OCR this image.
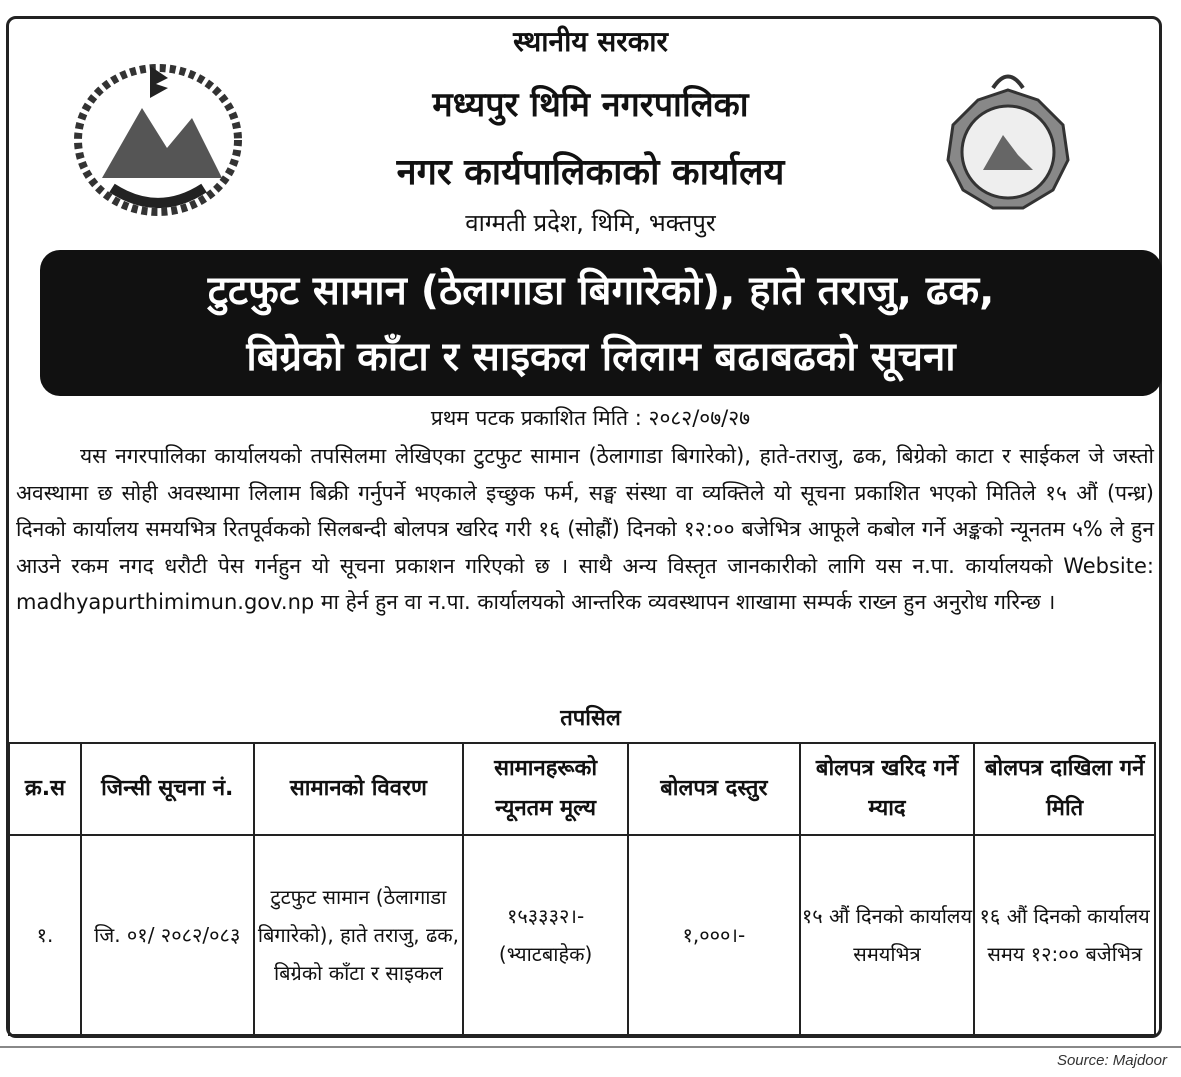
स्थानीय सरकार
मध्यपुर थिमि नगरपालिका
नगर कार्यपालिकाको कार्यालय
वाग्मती प्रदेश, थिमि, भक्तपुर
टुटफुट सामान (ठेलागाडा बिगारेको), हाते तराजु, ढक,
बिग्रेको काँटा र साइकल लिलाम बढाबढको सूचना
प्रथम पटक प्रकाशित मिति : २०८२/०७/२७

यस नगरपालिका कार्यालयको तपसिलमा लेखिएका टुटफुट सामान (ठेलागाडा बिगारेको), हाते-तराजु, ढक, बिग्रेको काटा र साईकल जे जस्तो अवस्थामा छ सोही अवस्थामा लिलाम बिक्री गर्नुपर्ने भएकाले इच्छुक फर्म, सङ्घ संस्था वा व्यक्तिले यो सूचना प्रकाशित भएको मितिले १५ औं (पन्ध्र) दिनको कार्यालय समयभित्र रितपूर्वकको सिलबन्दी बोलपत्र खरिद गरी १६ (सोह्रौं) दिनको १२:०० बजेभित्र आफूले कबोल गर्ने अङ्कको न्यूनतम ५% ले हुन आउने रकम नगद धरौटी पेस गर्नहुन यो सूचना प्रकाशन गरिएको छ । साथै अन्य विस्तृत जानकारीको लागि यस न.पा. कार्यालयको Website: madhyapurthimimun.gov.np मा हेर्न हुन वा न.पा. कार्यालयको आन्तरिक व्यवस्थापन शाखामा सम्पर्क राख्न हुन अनुरोध गरिन्छ ।

तपसिल
क्र.स	जिन्सी सूचना नं.	सामानको विवरण	सामानहरूको न्यूनतम मूल्य	बोलपत्र दस्तुर	बोलपत्र खरिद गर्ने म्याद	बोलपत्र दाखिला गर्ने मिति
१.	जि. ०१/ २०८२/०८३	टुटफुट सामान (ठेलागाडा बिगारेको), हाते तराजु, ढक, बिग्रेको काँटा र साइकल	१५३३३२।- (भ्याटबाहेक)	१,०००।-	१५ औं दिनको कार्यालय समयभित्र	१६ औं दिनको कार्यालय समय १२:०० बजेभित्र
Source: Majdoor
